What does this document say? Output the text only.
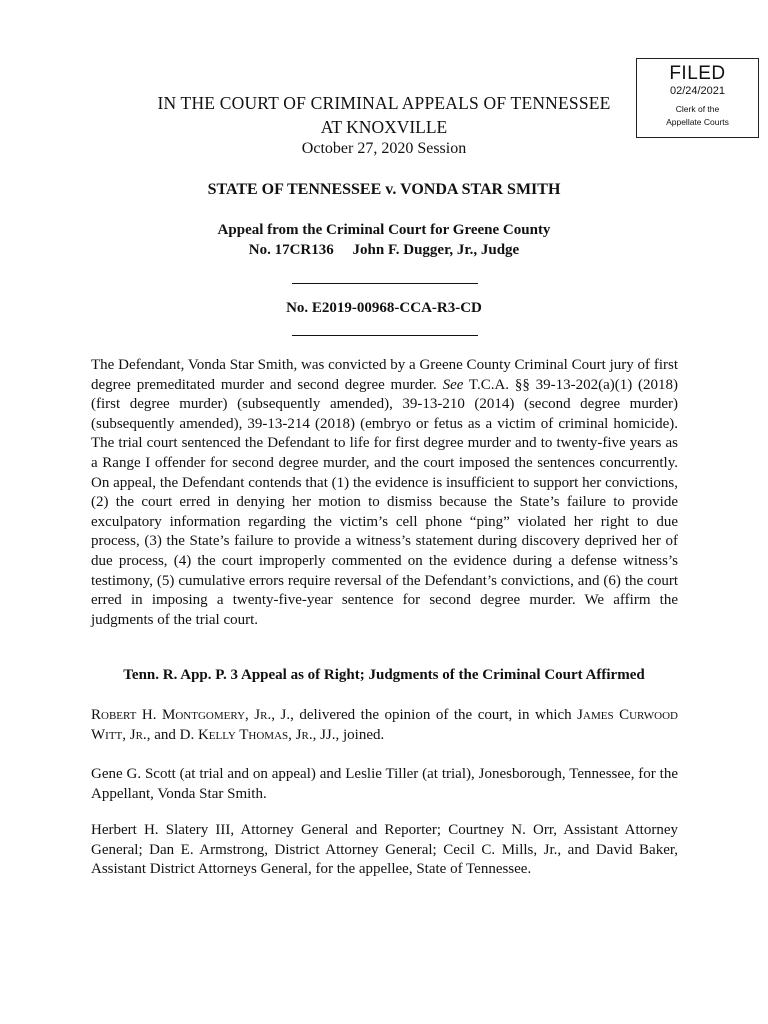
FILED
02/24/2021
Clerk of the
Appellate Courts
IN THE COURT OF CRIMINAL APPEALS OF TENNESSEE
AT KNOXVILLE
October 27, 2020 Session
STATE OF TENNESSEE v. VONDA STAR SMITH
Appeal from the Criminal Court for Greene County
No. 17CR136     John F. Dugger, Jr., Judge
No. E2019-00968-CCA-R3-CD
The Defendant, Vonda Star Smith, was convicted by a Greene County Criminal Court jury of first degree premeditated murder and second degree murder. See T.C.A. §§ 39-13-202(a)(1) (2018) (first degree murder) (subsequently amended), 39-13-210 (2014) (second degree murder) (subsequently amended), 39-13-214 (2018) (embryo or fetus as a victim of criminal homicide). The trial court sentenced the Defendant to life for first degree murder and to twenty-five years as a Range I offender for second degree murder, and the court imposed the sentences concurrently. On appeal, the Defendant contends that (1) the evidence is insufficient to support her convictions, (2) the court erred in denying her motion to dismiss because the State’s failure to provide exculpatory information regarding the victim’s cell phone “ping” violated her right to due process, (3) the State’s failure to provide a witness’s statement during discovery deprived her of due process, (4) the court improperly commented on the evidence during a defense witness’s testimony, (5) cumulative errors require reversal of the Defendant’s convictions, and (6) the court erred in imposing a twenty-five-year sentence for second degree murder. We affirm the judgments of the trial court.
Tenn. R. App. P. 3 Appeal as of Right; Judgments of the Criminal Court Affirmed
Robert H. Montgomery, Jr., J., delivered the opinion of the court, in which James Curwood Witt, Jr., and D. Kelly Thomas, Jr., JJ., joined.
Gene G. Scott (at trial and on appeal) and Leslie Tiller (at trial), Jonesborough, Tennessee, for the Appellant, Vonda Star Smith.
Herbert H. Slatery III, Attorney General and Reporter; Courtney N. Orr, Assistant Attorney General; Dan E. Armstrong, District Attorney General; Cecil C. Mills, Jr., and David Baker, Assistant District Attorneys General, for the appellee, State of Tennessee.
